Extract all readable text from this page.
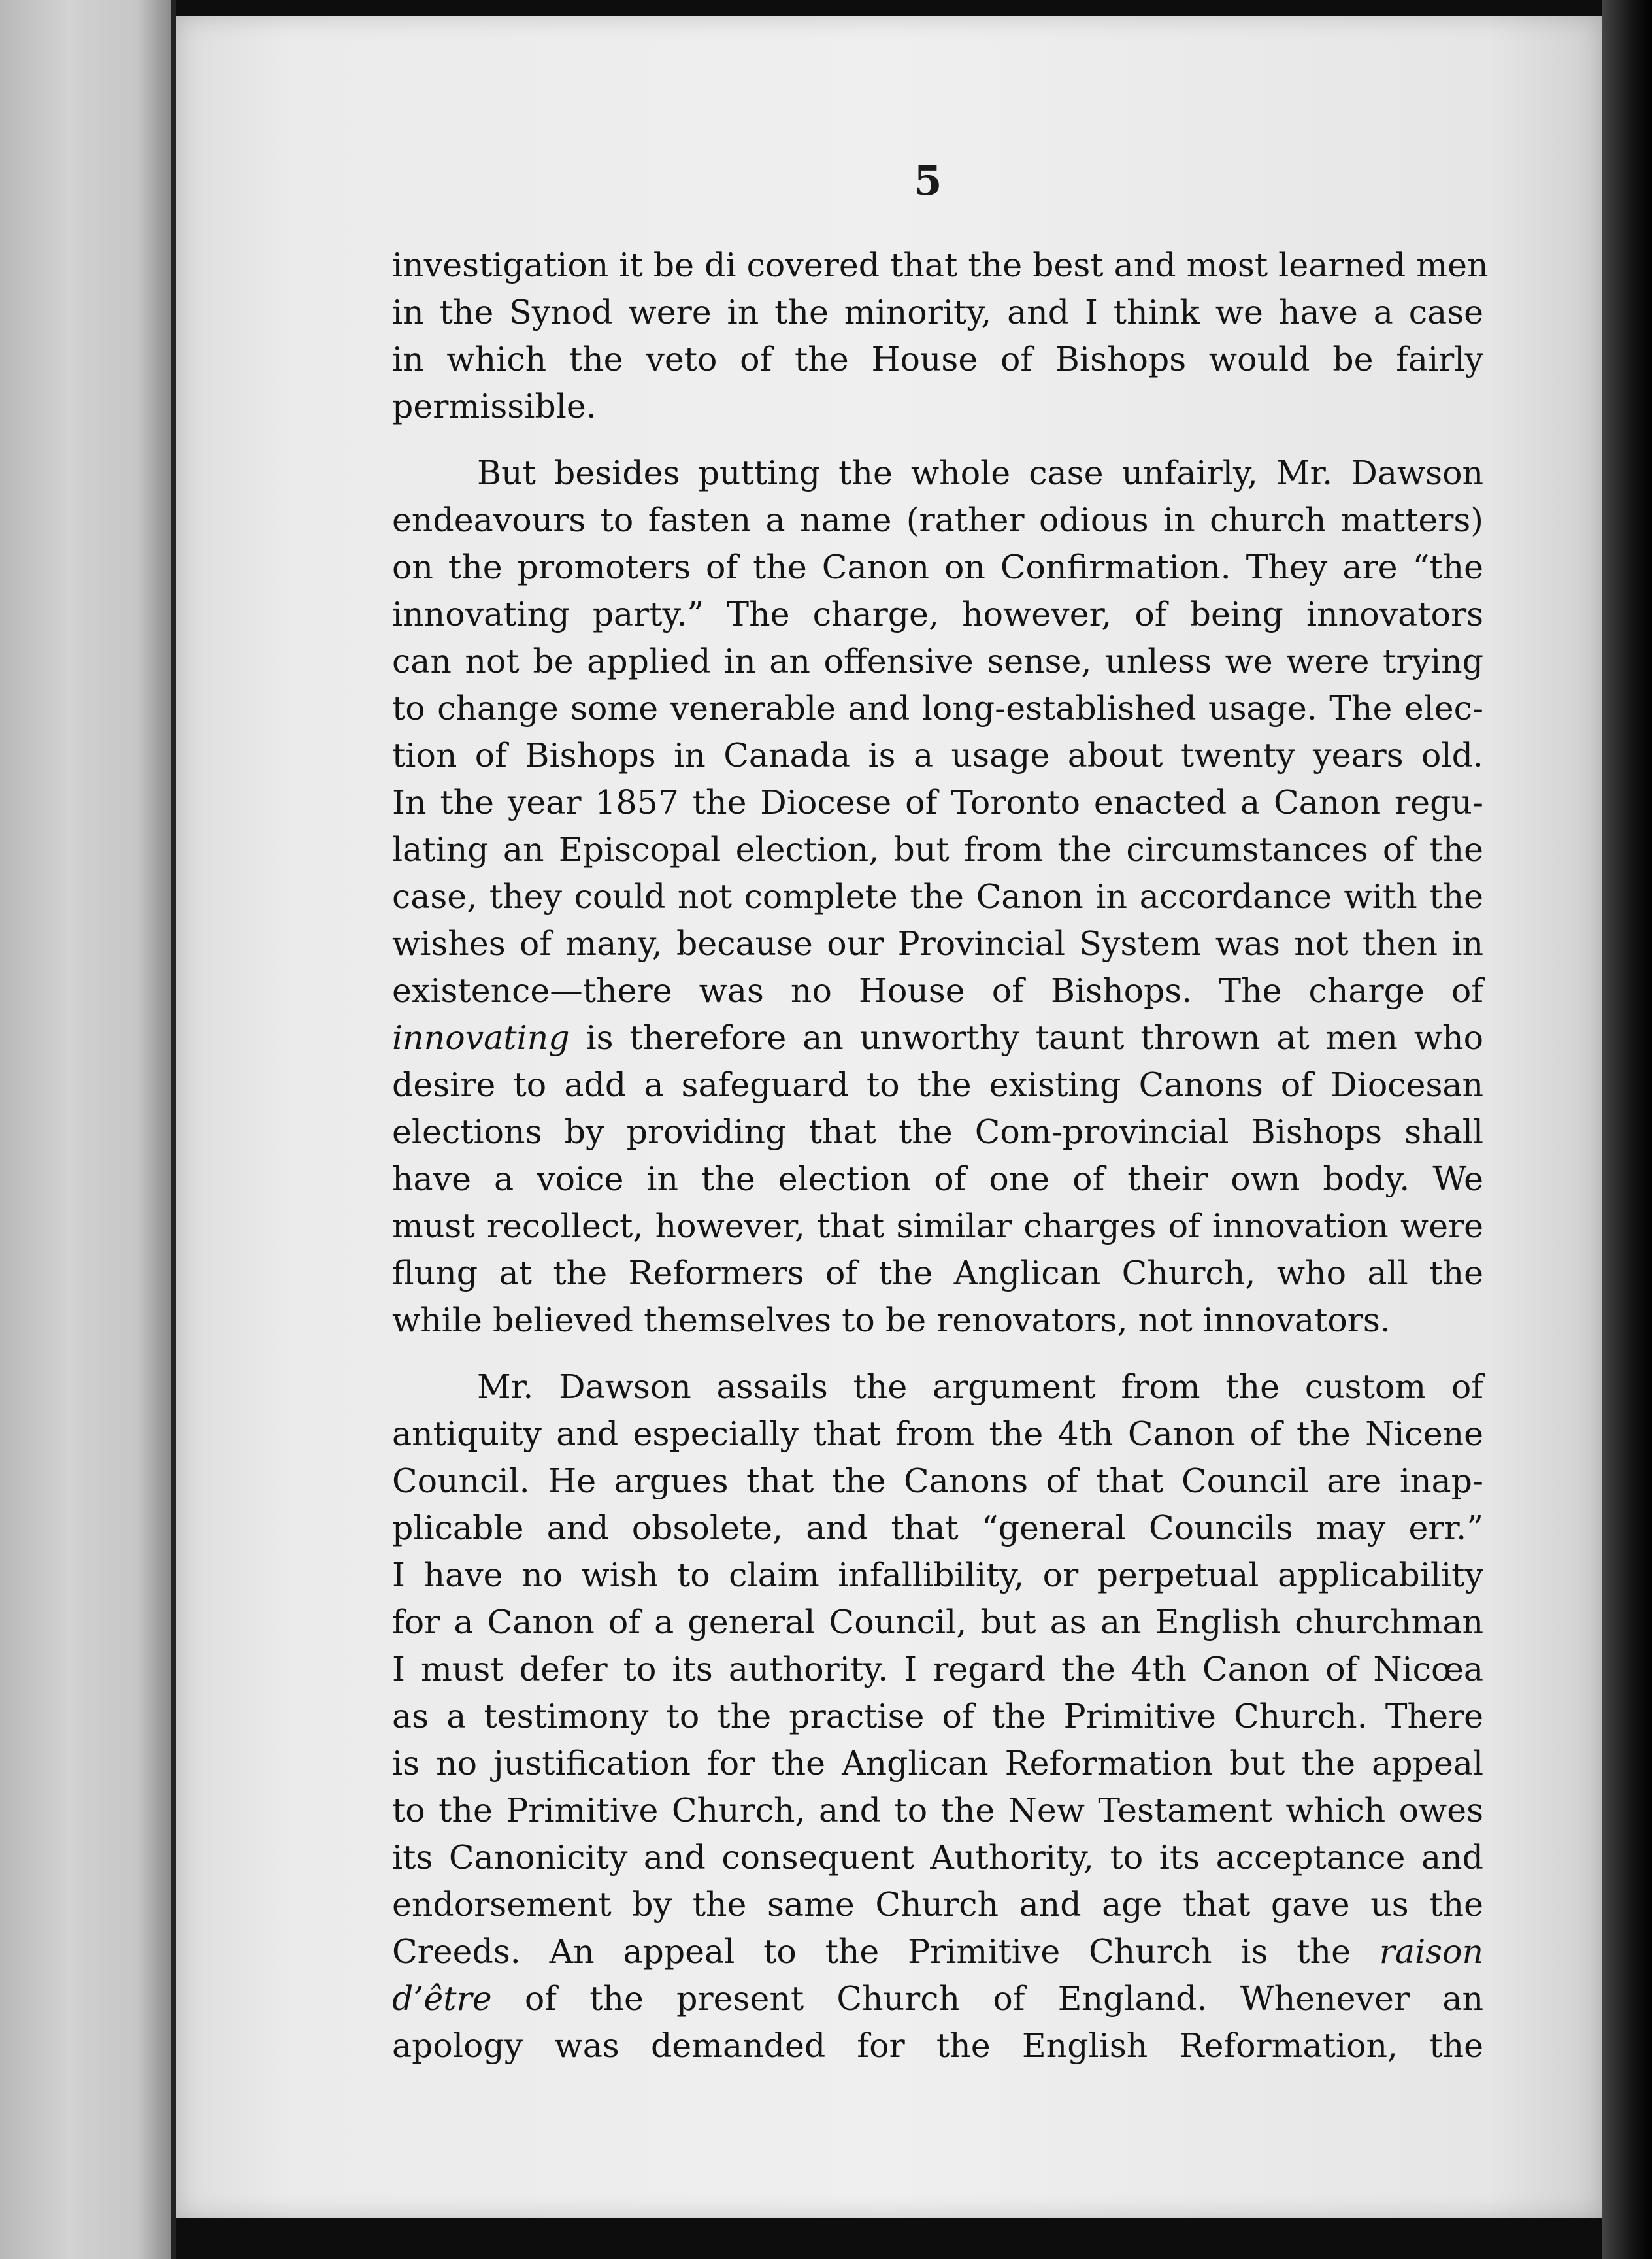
5
investigation it be di covered that the best and most learned men
in the Synod were in the minority, and I think we have a case
in which the veto of the House of Bishops would be fairly
permissible.
But besides putting the whole case unfairly, Mr. Dawson
endeavours to fasten a name (rather odious in church matters)
on the promoters of the Canon on Confirmation. They are “the
innovating party.” The charge, however, of being innovators
can not be applied in an offensive sense, unless we were trying
to change some venerable and long-established usage. The elec-
tion of Bishops in Canada is a usage about twenty years old.
In the year 1857 the Diocese of Toronto enacted a Canon regu-
lating an Episcopal election, but from the circumstances of the
case, they could not complete the Canon in accordance with the
wishes of many, because our Provincial System was not then in
existence—there was no House of Bishops. The charge of
innovating is therefore an unworthy taunt thrown at men who
desire to add a safeguard to the existing Canons of Diocesan
elections by providing that the Com-provincial Bishops shall
have a voice in the election of one of their own body. We
must recollect, however, that similar charges of innovation were
flung at the Reformers of the Anglican Church, who all the
while believed themselves to be renovators, not innovators.
Mr. Dawson assails the argument from the custom of
antiquity and especially that from the 4th Canon of the Nicene
Council. He argues that the Canons of that Council are inap-
plicable and obsolete, and that “general Councils may err.”
I have no wish to claim infallibility, or perpetual applicability
for a Canon of a general Council, but as an English churchman
I must defer to its authority. I regard the 4th Canon of Nicœa
as a testimony to the practise of the Primitive Church. There
is no justification for the Anglican Reformation but the appeal
to the Primitive Church, and to the New Testament which owes
its Canonicity and consequent Authority, to its acceptance and
endorsement by the same Church and age that gave us the
Creeds. An appeal to the Primitive Church is the raison
d’être of the present Church of England. Whenever an
apology was demanded for the English Reformation, the
